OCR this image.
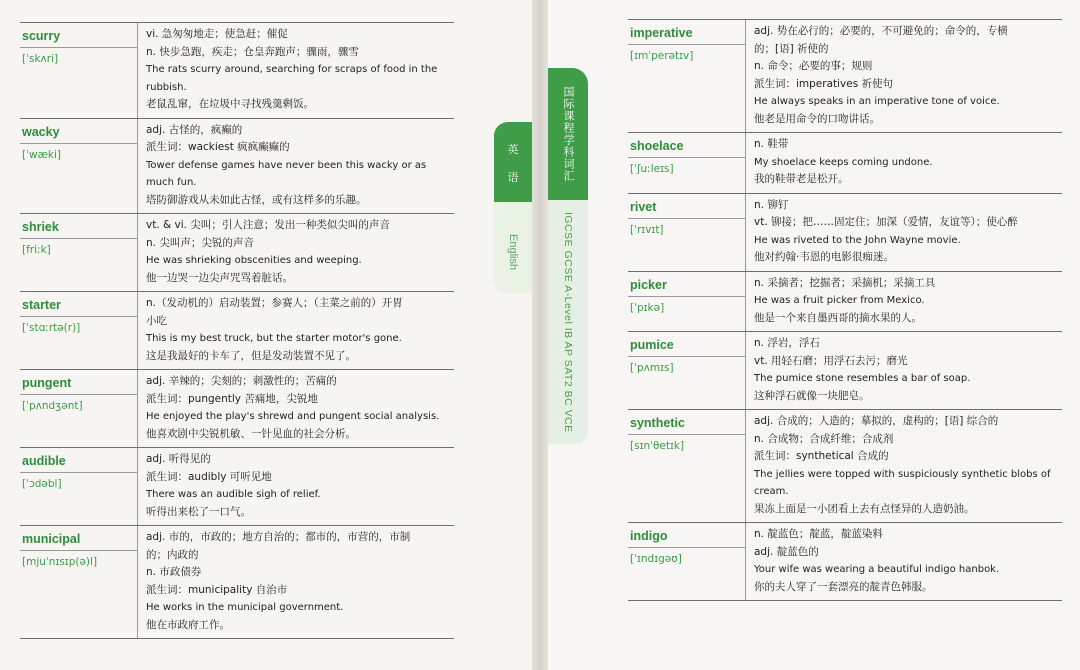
scurry
[ˈskʌri]
vi. 急匆匆地走；使急赶；催促
n. 快步急跑，疾走；仓皇奔跑声；骤雨，骤雪
The rats scurry around, searching for scraps of food in the
rubbish.
老鼠乱窜，在垃圾中寻找残羹剩饭。
wacky
[ˈwæki]
adj. 古怪的，疯癫的
派生词：wackiest 疯疯癫癫的
Tower defense games have never been this wacky or as
much fun.
塔防御游戏从未如此古怪，或有这样多的乐趣。
shriek
[friːk]
vt. & vi. 尖叫；引人注意；发出一种类似尖叫的声音
n. 尖叫声；尖锐的声音
He was shrieking obscenities and weeping.
他一边哭一边尖声咒骂着脏话。
starter
[ˈstɑːrtə(r)]
n.（发动机的）启动装置；参赛人；（主菜之前的）开胃
小吃
This is my best truck, but the starter motor's gone.
这是我最好的卡车了，但是发动装置不见了。
pungent
[ˈpʌndʒənt]
adj. 辛辣的；尖刻的；刺激性的；苦痛的
派生词：pungently 苦痛地，尖锐地
He enjoyed the play's shrewd and pungent social analysis.
他喜欢剧中尖锐机敏、一针见血的社会分析。
audible
[ˈɔdəbl]
adj. 听得见的
派生词：audibly 可听见地
There was an audible sigh of relief.
听得出来松了一口气。
municipal
[mjuˈnɪsɪp(ə)l]
adj. 市的，市政的；地方自治的；都市的，市营的，市制
的；内政的
n. 市政债券
派生词：municipality 自治市
He works in the municipal government.
他在市政府工作。
imperative
[ɪmˈperətɪv]
adj. 势在必行的；必要的，不可避免的；命令的，专横
的；[语] 祈使的
n. 命令；必要的事；规则
派生词：imperatives 祈使句
He always speaks in an imperative tone of voice.
他老是用命令的口吻讲话。
shoelace
[ˈʃuːleɪs]
n. 鞋带
My shoelace keeps coming undone.
我的鞋带老是松开。
rivet
[ˈrɪvɪt]
n. 铆钉
vt. 铆接；把……固定住；加深（爱情，友谊等）；使心醉
He was riveted to the John Wayne movie.
他对约翰·韦恩的电影很痴迷。
picker
[ˈpɪkə]
n. 采摘者；挖掘者；采摘机；采摘工具
He was a fruit picker from Mexico.
他是一个来自墨西哥的摘水果的人。
pumice
[ˈpʌmɪs]
n. 浮岩，浮石
vt. 用轻石磨；用浮石去污；磨光
The pumice stone resembles a bar of soap.
这种浮石就像一块肥皂。
synthetic
[sɪnˈθetɪk]
adj. 合成的；人造的；摹拟的，虚构的；[语] 综合的
n. 合成物；合成纤维；合成剂
派生词：synthetical 合成的
The jellies were topped with suspiciously synthetic blobs of
cream.
果冻上面是一小团看上去有点怪异的人造奶油。
indigo
[ˈɪndɪgəʊ]
n. 靛蓝色；靛蓝，靛蓝染料
adj. 靛蓝色的
Your wife was wearing a beautiful indigo hanbok.
你的夫人穿了一套漂亮的靛青色韩服。
英
语
English
国际课程学科词汇
IGCSE GCSE A-Level IB AP SAT2 BC VCE
